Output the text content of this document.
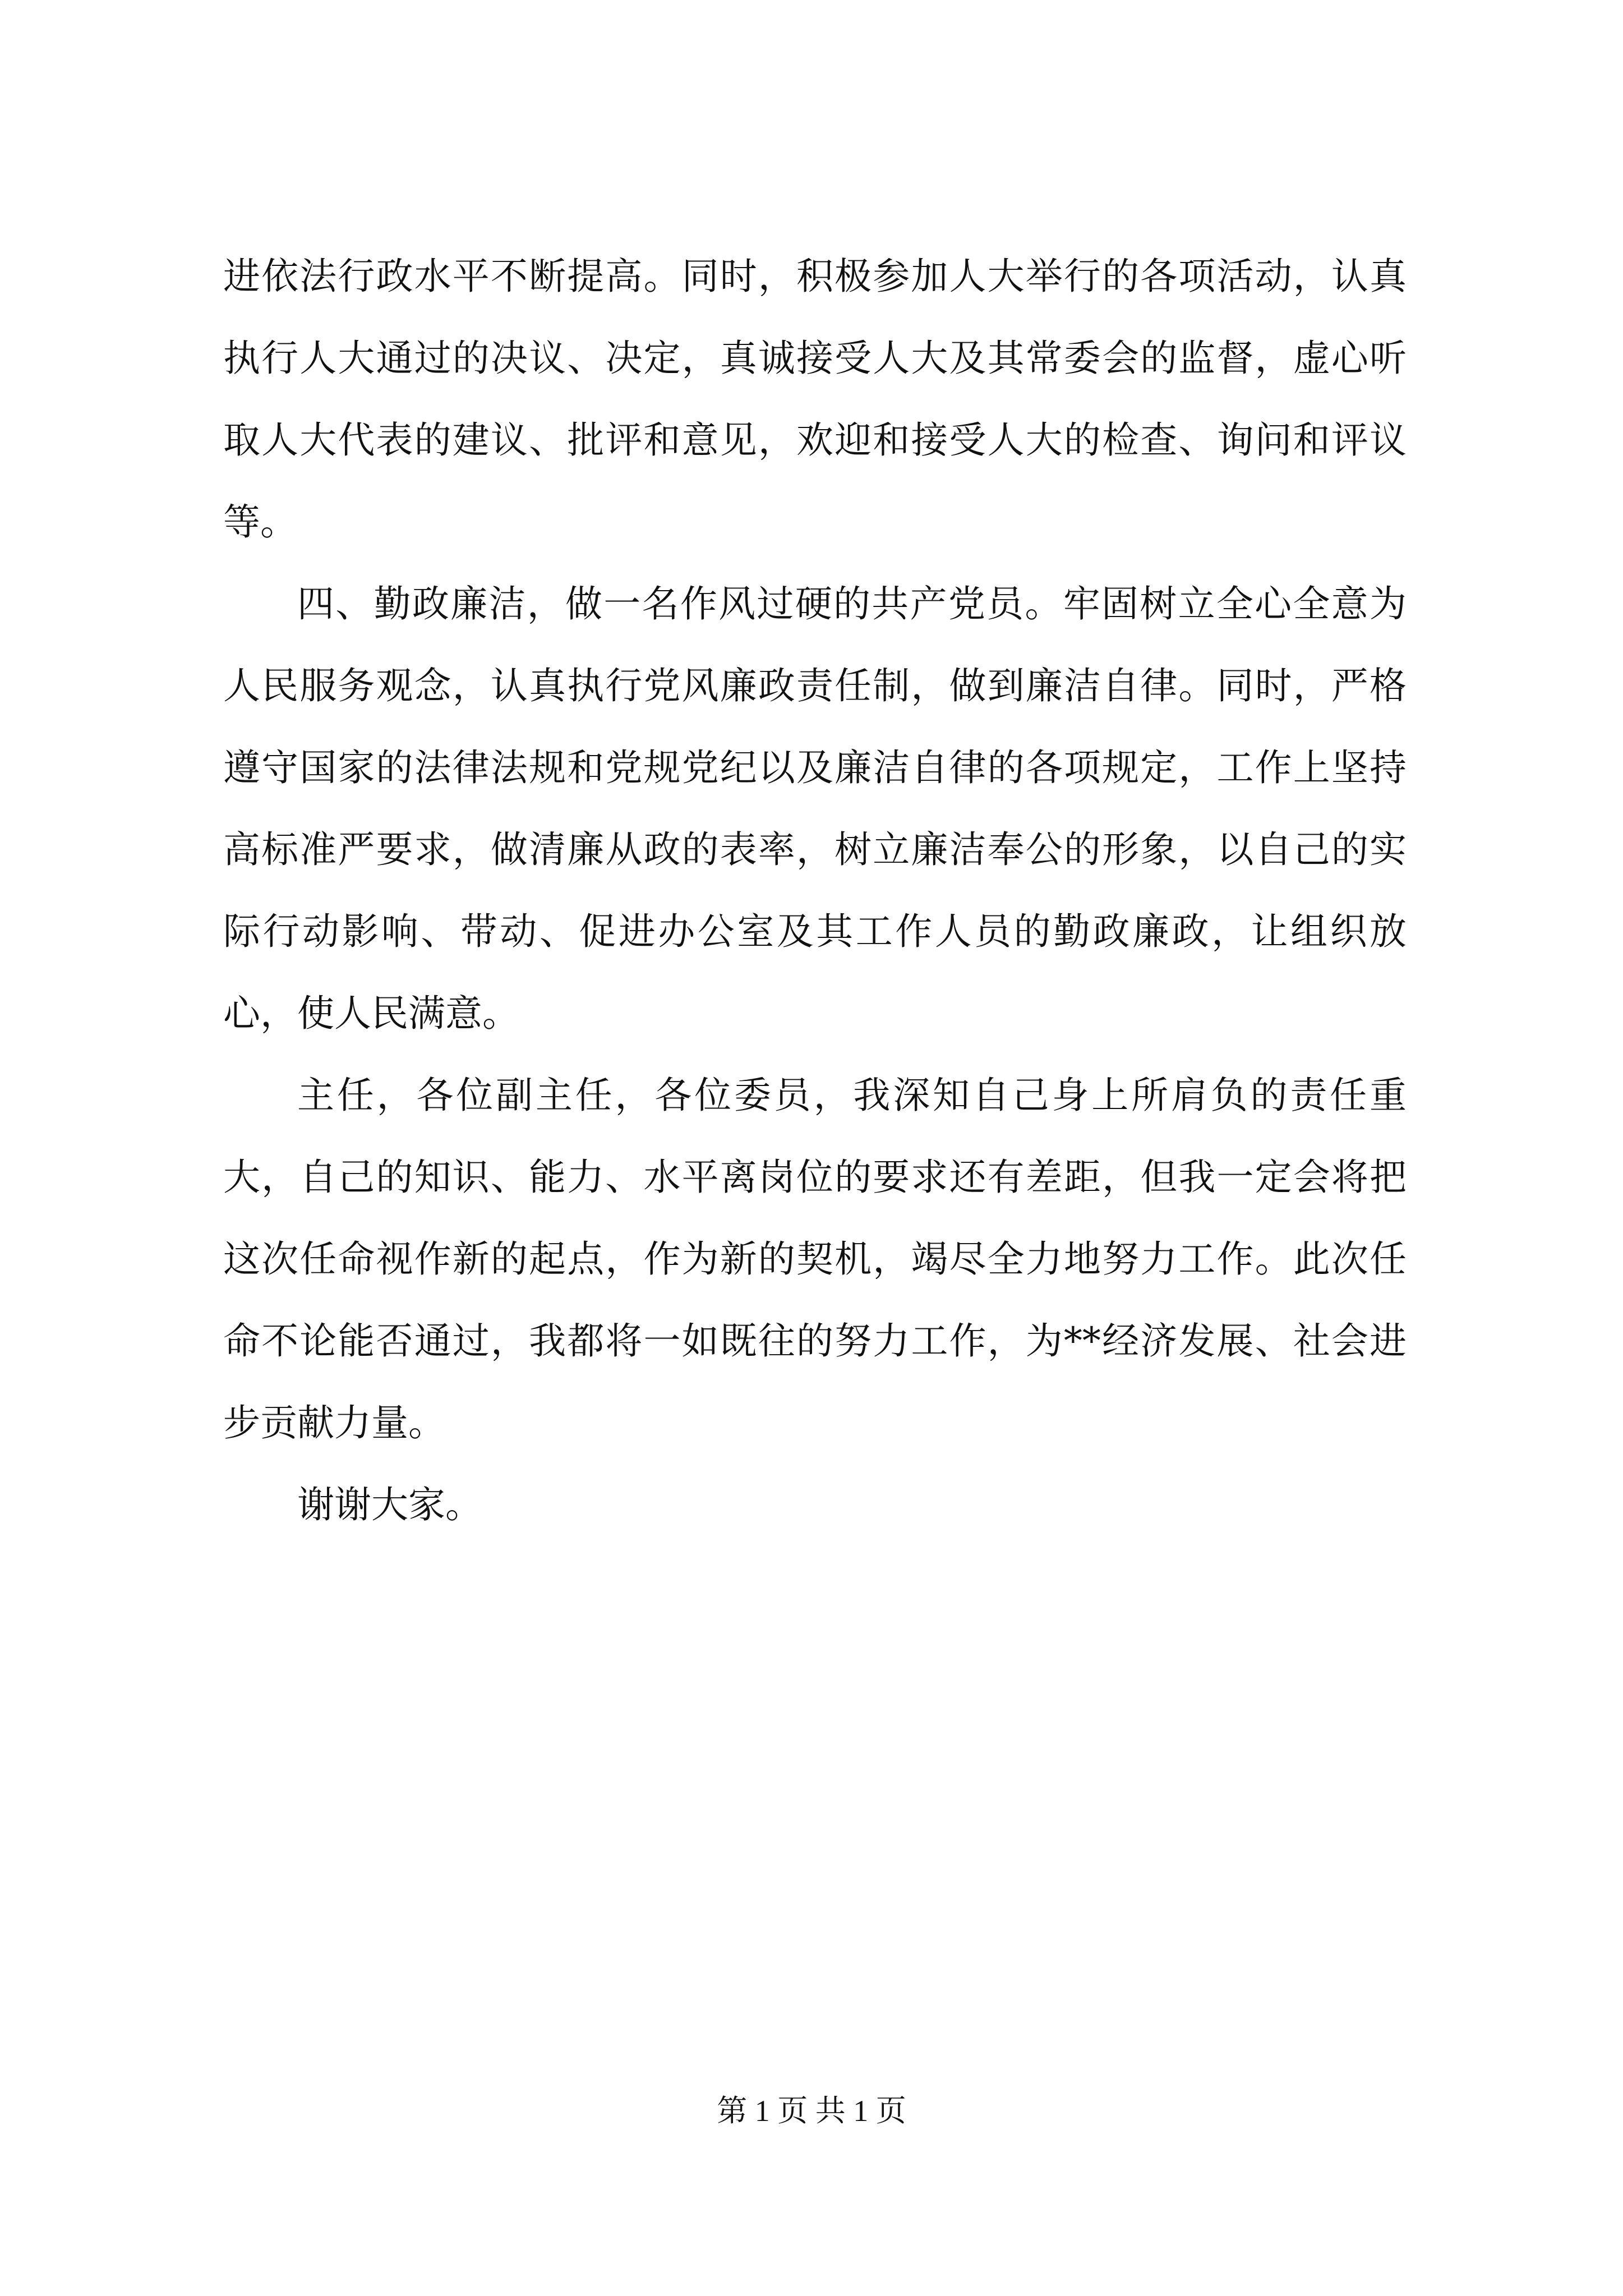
进依法行政水平不断提高。同时，积极参加人大举行的各项活动，认真执行人大通过的决议、决定，真诚接受人大及其常委会的监督，虚心听取人大代表的建议、批评和意见，欢迎和接受人大的检查、询问和评议等。

四、勤政廉洁，做一名作风过硬的共产党员。牢固树立全心全意为人民服务观念，认真执行党风廉政责任制，做到廉洁自律。同时，严格遵守国家的法律法规和党规党纪以及廉洁自律的各项规定，工作上坚持高标准严要求，做清廉从政的表率，树立廉洁奉公的形象，以自己的实际行动影响、带动、促进办公室及其工作人员的勤政廉政，让组织放心，使人民满意。

主任，各位副主任，各位委员，我深知自己身上所肩负的责任重大，自己的知识、能力、水平离岗位的要求还有差距，但我一定会将把这次任命视作新的起点，作为新的契机，竭尽全力地努力工作。此次任命不论能否通过，我都将一如既往的努力工作，为**经济发展、社会进步贡献力量。

谢谢大家。

第 1 页 共 1 页
